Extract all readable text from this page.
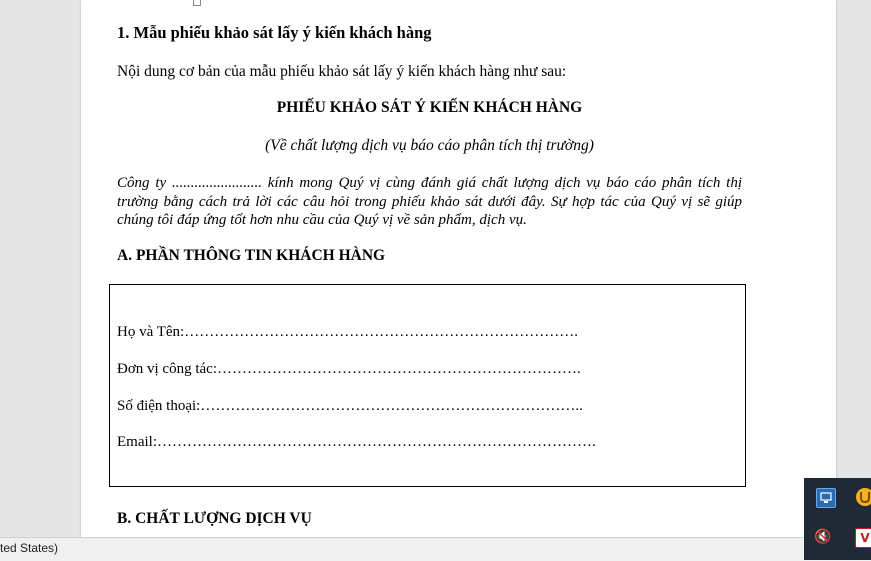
1. Mẫu phiếu khảo sát lấy ý kiến khách hàng
Nội dung cơ bản của mẫu phiếu khảo sát lấy ý kiến khách hàng như sau:
PHIẾU KHẢO SÁT Ý KIẾN KHÁCH HÀNG
(Về chất lượng dịch vụ báo cáo phân tích thị trường)
Công ty ........................ kính mong Quý vị cùng đánh giá chất lượng dịch vụ báo cáo phân tích thị trường bằng cách trả lời các câu hỏi trong phiếu khảo sát dưới đây. Sự hợp tác của Quý vị sẽ giúp chúng tôi đáp ứng tốt hơn nhu cầu của Quý vị về sản phẩm, dịch vụ.
A. PHẦN THÔNG TIN KHÁCH HÀNG
Họ và Tên:…………………………………………………………………….
Đơn vị công tác:……………………………………………………………….
Số điện thoại:…………………………………………………………………..
Email:…………………………………………………………………………….
B. CHẤT LƯỢNG DỊCH VỤ
ted States)
🔇	V
